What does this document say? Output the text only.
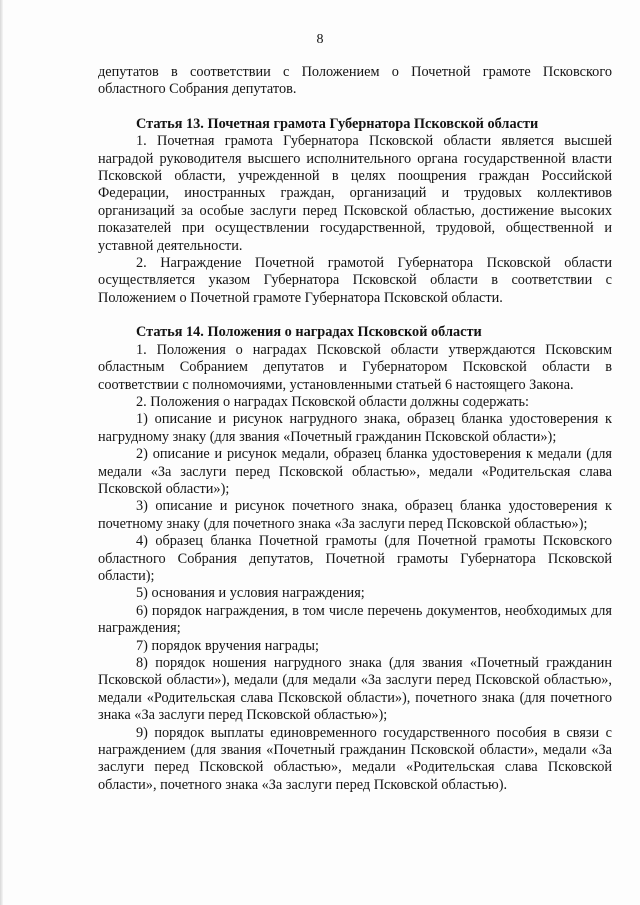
8

депутатов в соответствии с Положением о Почетной грамоте Псковского областного Собрания депутатов.

Статья 13. Почетная грамота Губернатора Псковской области

1. Почетная грамота Губернатора Псковской области является высшей наградой руководителя высшего исполнительного органа государственной власти Псковской области, учрежденной в целях поощрения граждан Российской Федерации, иностранных граждан, организаций и трудовых коллективов организаций за особые заслуги перед Псковской областью, достижение высоких показателей при осуществлении государственной, трудовой, общественной и уставной деятельности.

2. Награждение Почетной грамотой Губернатора Псковской области осуществляется указом Губернатора Псковской области в соответствии с Положением о Почетной грамоте Губернатора Псковской области.

Статья 14. Положения о наградах Псковской области

1. Положения о наградах Псковской области утверждаются Псковским областным Собранием депутатов и Губернатором Псковской области в соответствии с полномочиями, установленными статьей 6 настоящего Закона.

2. Положения о наградах Псковской области должны содержать:

1) описание и рисунок нагрудного знака, образец бланка удостоверения к нагрудному знаку (для звания «Почетный гражданин Псковской области»);

2) описание и рисунок медали, образец бланка удостоверения к медали (для медали «За заслуги перед Псковской областью», медали «Родительская слава Псковской области»);

3) описание и рисунок почетного знака, образец бланка удостоверения к почетному знаку (для почетного знака «За заслуги перед Псковской областью»);

4) образец бланка Почетной грамоты (для Почетной грамоты Псковского областного Собрания депутатов, Почетной грамоты Губернатора Псковской области);

5) основания и условия награждения;

6) порядок награждения, в том числе перечень документов, необходимых для награждения;

7) порядок вручения награды;

8) порядок ношения нагрудного знака (для звания «Почетный гражданин Псковской области»), медали (для медали «За заслуги перед Псковской областью», медали «Родительская слава Псковской области»), почетного знака (для почетного знака «За заслуги перед Псковской областью»);

9) порядок выплаты единовременного государственного пособия в связи с награждением (для звания «Почетный гражданин Псковской области», медали «За заслуги перед Псковской областью», медали «Родительская слава Псковской области», почетного знака «За заслуги перед Псковской областью).
